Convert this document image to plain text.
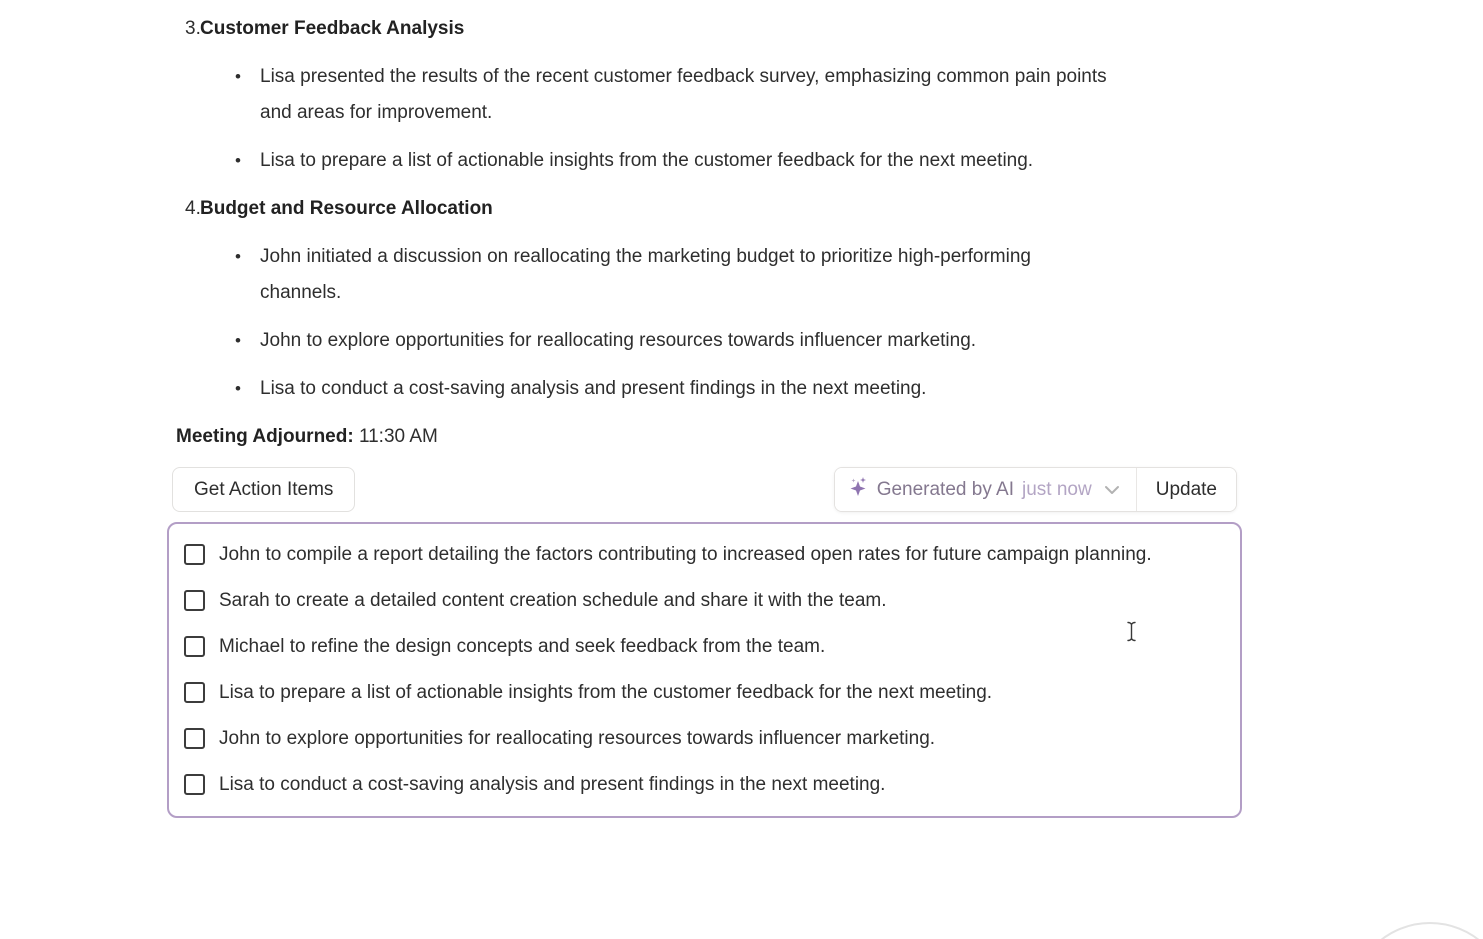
3. Customer Feedback Analysis
•	Lisa presented the results of the recent customer feedback survey, emphasizing common pain points and areas for improvement.
•	Lisa to prepare a list of actionable insights from the customer feedback for the next meeting.
4. Budget and Resource Allocation
•	John initiated a discussion on reallocating the marketing budget to prioritize high-performing channels.
•	John to explore opportunities for reallocating resources towards influencer marketing.
•	Lisa to conduct a cost-saving analysis and present findings in the next meeting.
Meeting Adjourned: 11:30 AM
Get Action Items	Generated by AI just now	Update
John to compile a report detailing the factors contributing to increased open rates for future campaign planning.
Sarah to create a detailed content creation schedule and share it with the team.
Michael to refine the design concepts and seek feedback from the team.
Lisa to prepare a list of actionable insights from the customer feedback for the next meeting.
John to explore opportunities for reallocating resources towards influencer marketing.
Lisa to conduct a cost-saving analysis and present findings in the next meeting.
